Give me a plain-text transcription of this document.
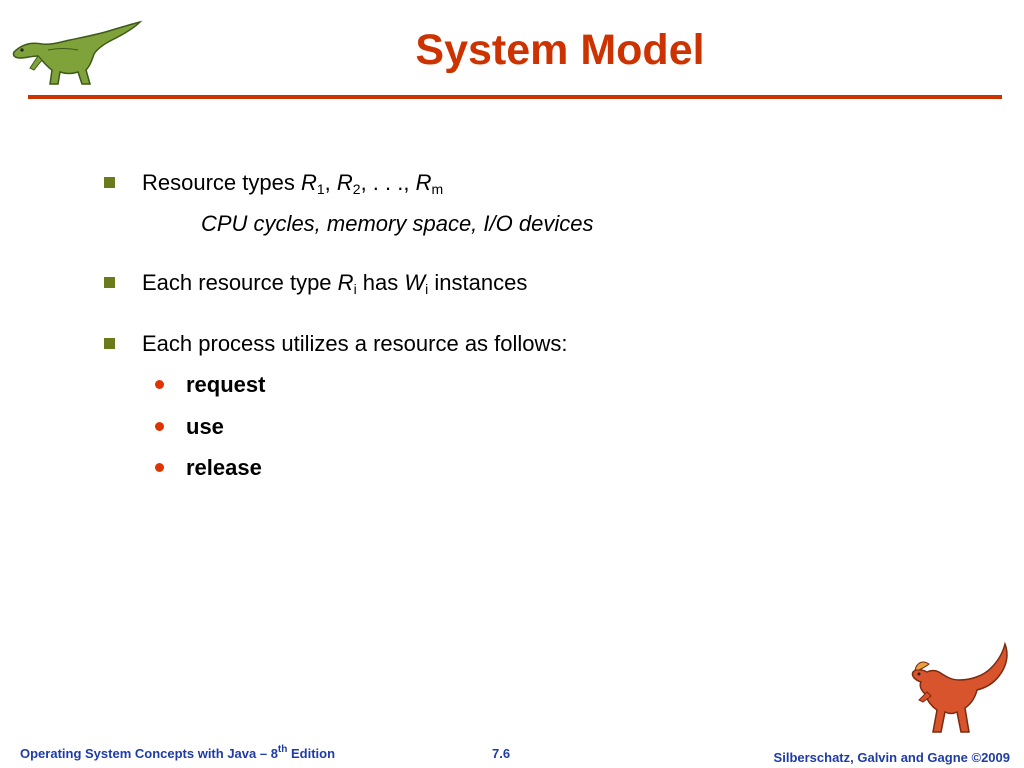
System Model
Resource types $R_1$, $R_2$, . . ., $R_m$
CPU cycles, memory space, I/O devices
Each resource type $R_i$ has $W_i$ instances
Each process utilizes a resource as follows:
request
use
release
Operating System Concepts with Java – 8th Edition	7.6	Silberschatz, Galvin and Gagne ©2009
